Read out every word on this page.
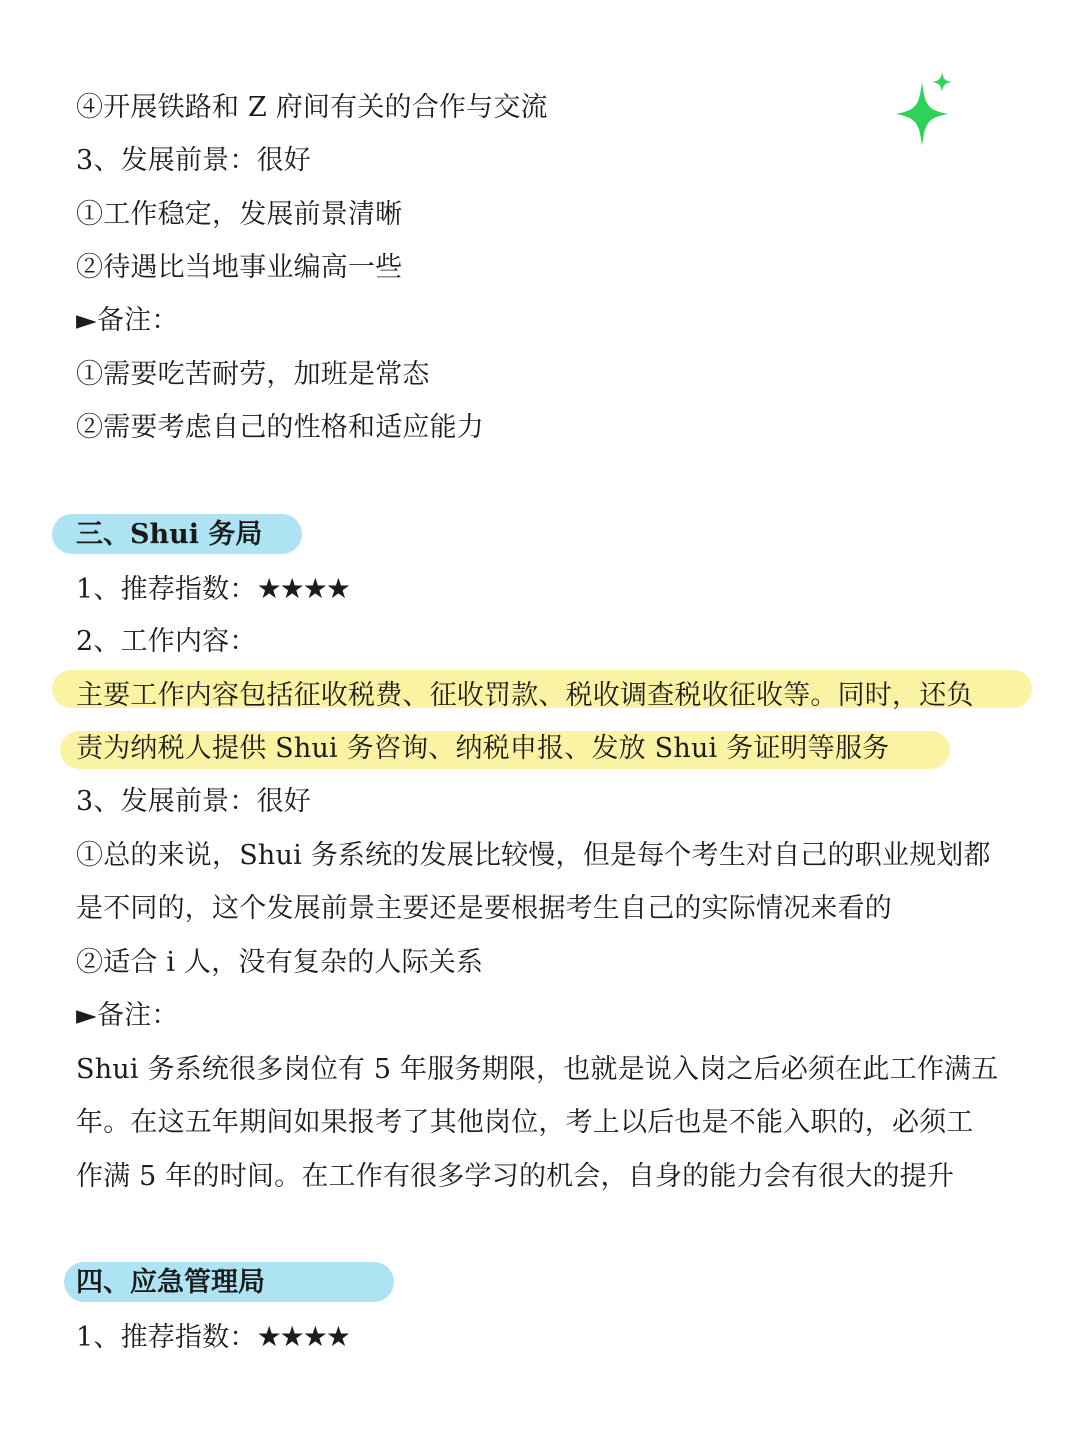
④开展铁路和 Z 府间有关的合作与交流
3、发展前景：很好
①工作稳定，发展前景清晰
②待遇比当地事业编高一些
►备注：
①需要吃苦耐劳，加班是常态
②需要考虑自己的性格和适应能力
三、Shui 务局
1、推荐指数：★★★★
2、工作内容：
主要工作内容包括征收税费、征收罚款、税收调查税收征收等。同时，还负
责为纳税人提供 Shui 务咨询、纳税申报、发放 Shui 务证明等服务
3、发展前景：很好
①总的来说，Shui 务系统的发展比较慢，但是每个考生对自己的职业规划都
是不同的，这个发展前景主要还是要根据考生自己的实际情况来看的
②适合 i 人，没有复杂的人际关系
►备注：
Shui 务系统很多岗位有 5 年服务期限，也就是说入岗之后必须在此工作满五
年。在这五年期间如果报考了其他岗位，考上以后也是不能入职的，必须工
作满 5 年的时间。在工作有很多学习的机会，自身的能力会有很大的提升
四、应急管理局
1、推荐指数：★★★★
